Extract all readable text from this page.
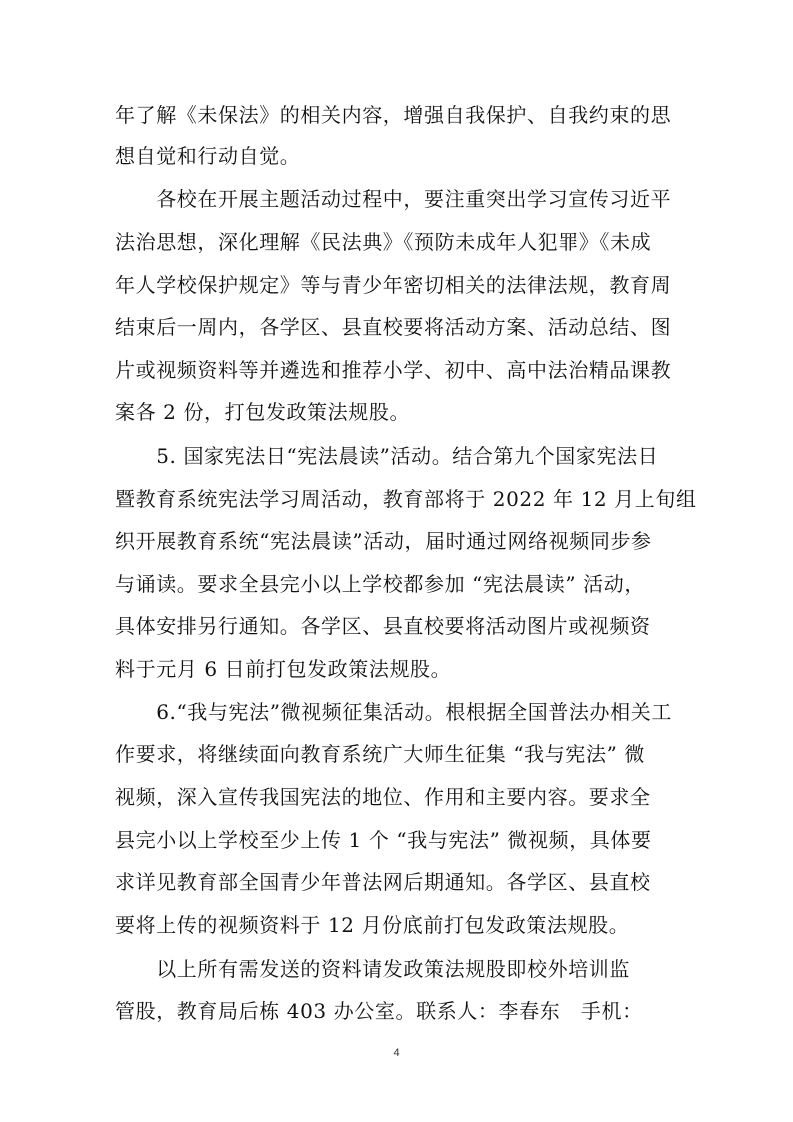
年了解《未保法》的相关内容，增强自我保护、自我约束的思
想自觉和行动自觉。
　　各校在开展主题活动过程中，要注重突出学习宣传习近平
法治思想，深化理解《民法典》《预防未成年人犯罪》《未成
年人学校保护规定》等与青少年密切相关的法律法规，教育周
结束后一周内，各学区、县直校要将活动方案、活动总结、图
片或视频资料等并遴选和推荐小学、初中、高中法治精品课教
案各 2 份，打包发政策法规股。
　　5. 国家宪法日“宪法晨读”活动。结合第九个国家宪法日
暨教育系统宪法学习周活动，教育部将于 2022 年 12 月上旬组
织开展教育系统“宪法晨读”活动，届时通过网络视频同步参
与诵读。要求全县完小以上学校都参加 “宪法晨读” 活动，
具体安排另行通知。各学区、县直校要将活动图片或视频资
料于元月 6 日前打包发政策法规股。
　　6.“我与宪法”微视频征集活动。根根据全国普法办相关工
作要求，将继续面向教育系统广大师生征集 “我与宪法” 微
视频，深入宣传我国宪法的地位、作用和主要内容。要求全
县完小以上学校至少上传 1 个 “我与宪法” 微视频，具体要
求详见教育部全国青少年普法网后期通知。各学区、县直校
要将上传的视频资料于 12 月份底前打包发政策法规股。
　　以上所有需发送的资料请发政策法规股即校外培训监
管股，教育局后栋 403 办公室。联系人：李春东　手机：
4
